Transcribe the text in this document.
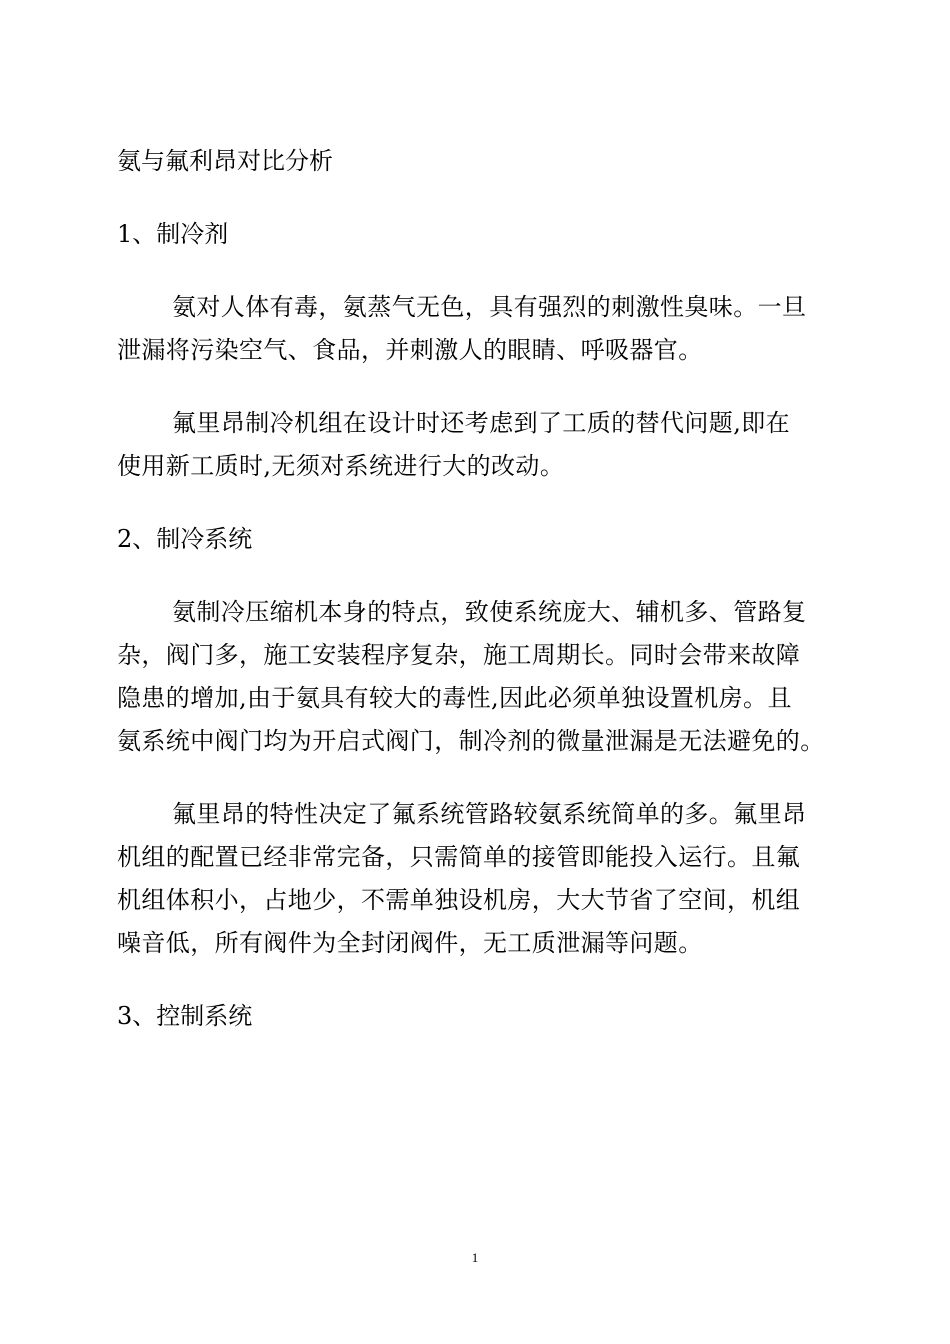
氨与氟利昂对比分析
1、制冷剂
氨对人体有毒，氨蒸气无色，具有强烈的刺激性臭味。一旦
泄漏将污染空气、食品，并刺激人的眼睛、呼吸器官。
氟里昂制冷机组在设计时还考虑到了工质的替代问题,即在
使用新工质时,无须对系统进行大的改动。
2、制冷系统
氨制冷压缩机本身的特点，致使系统庞大、辅机多、管路复
杂，阀门多，施工安装程序复杂，施工周期长。同时会带来故障
隐患的增加,由于氨具有较大的毒性,因此必须单独设置机房。且
氨系统中阀门均为开启式阀门，制冷剂的微量泄漏是无法避免的。
氟里昂的特性决定了氟系统管路较氨系统简单的多。氟里昂
机组的配置已经非常完备，只需简单的接管即能投入运行。且氟
机组体积小，占地少，不需单独设机房，大大节省了空间，机组
噪音低，所有阀件为全封闭阀件，无工质泄漏等问题。
3、控制系统
1
